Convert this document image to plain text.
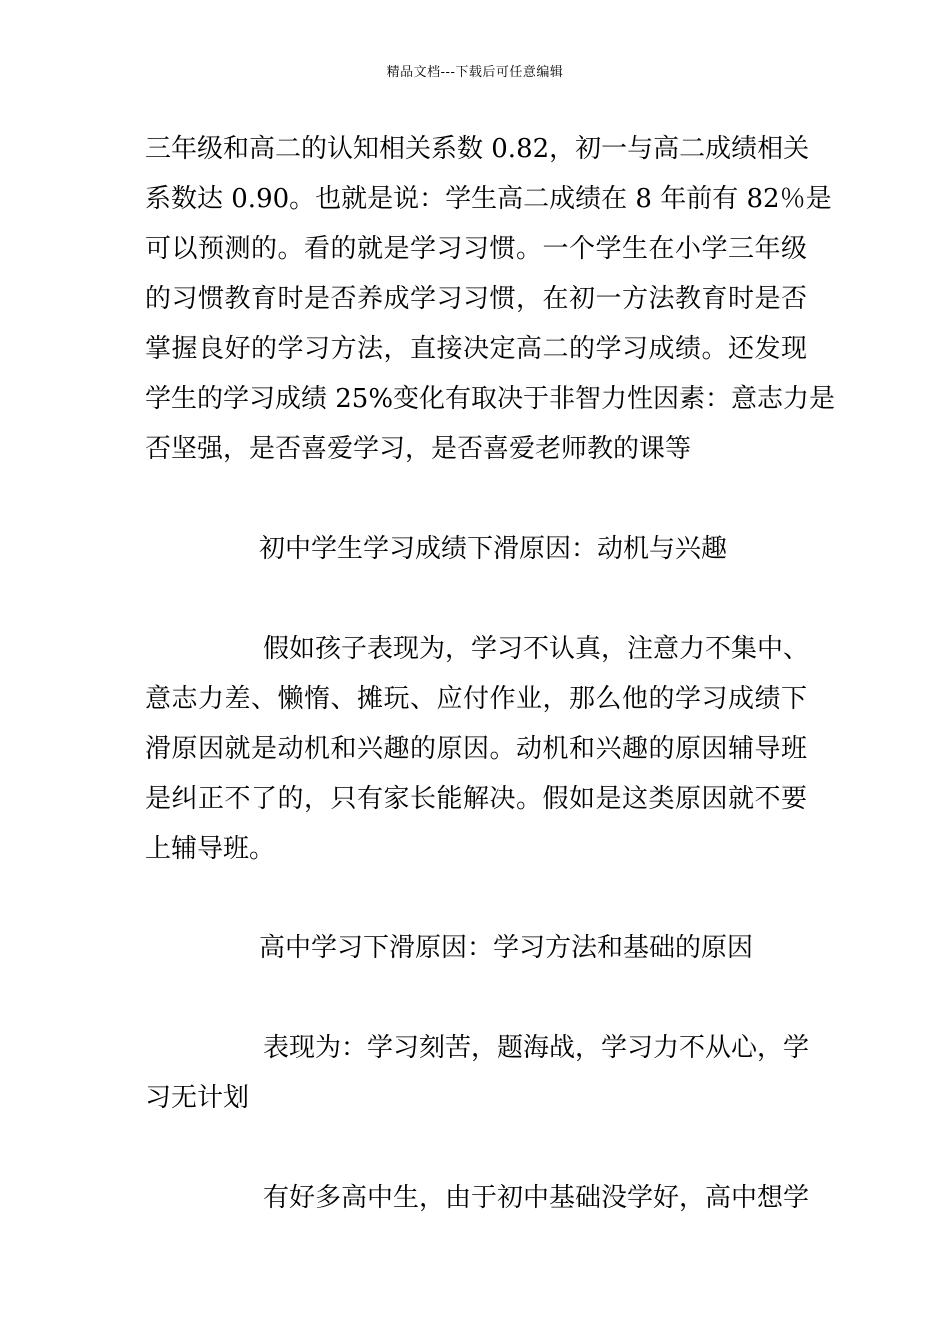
精品文档---下载后可任意编辑
三年级和高二的认知相关系数 0.82，初一与高二成绩相关
系数达 0.90。也就是说：学生高二成绩在 8 年前有 82％是
可以预测的。看的就是学习习惯。一个学生在小学三年级
的习惯教育时是否养成学习习惯，在初一方法教育时是否
掌握良好的学习方法，直接决定高二的学习成绩。还发现
学生的学习成绩 25%变化有取决于非智力性因素：意志力是
否坚强，是否喜爱学习，是否喜爱老师教的课等
初中学生学习成绩下滑原因：动机与兴趣
假如孩子表现为，学习不认真，注意力不集中、
意志力差、懒惰、摊玩、应付作业，那么他的学习成绩下
滑原因就是动机和兴趣的原因。动机和兴趣的原因辅导班
是纠正不了的，只有家长能解决。假如是这类原因就不要
上辅导班。
高中学习下滑原因：学习方法和基础的原因
表现为：学习刻苦，题海战，学习力不从心，学
习无计划
有好多高中生，由于初中基础没学好，高中想学
